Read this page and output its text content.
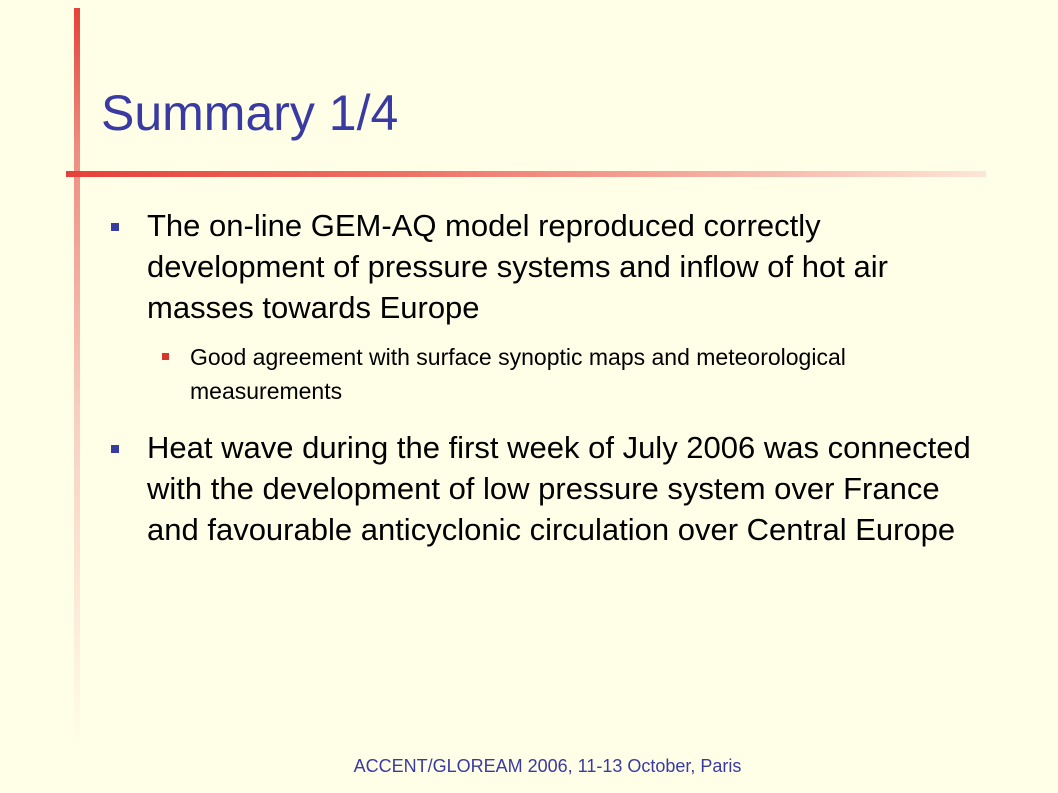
Summary 1/4
The on-line GEM-AQ model reproduced correctly development of pressure systems and inflow of hot air masses towards Europe
Good agreement with surface synoptic maps and meteorological measurements
Heat wave during the first week of July 2006 was connected with the development of low pressure system over France and favourable anticyclonic circulation over Central Europe
ACCENT/GLOREAM 2006, 11-13 October, Paris
